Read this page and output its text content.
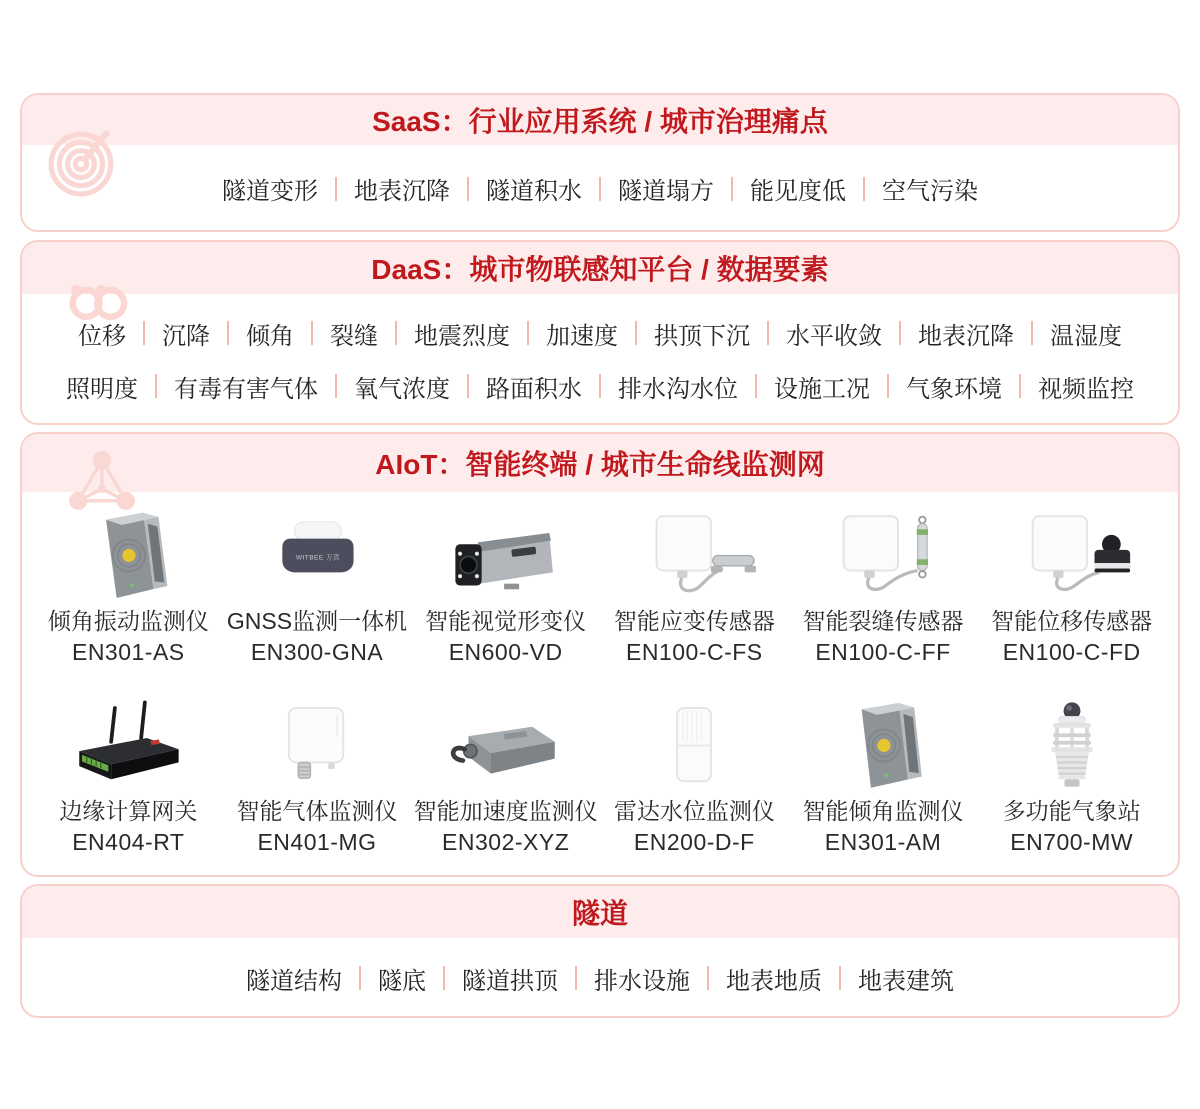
SaaS：行业应用系统 / 城市治理痛点
隧道变形 地表沉降 隧道积水 隧道塌方 能见度低 空气污染
DaaS：城市物联感知平台 / 数据要素
位移 沉降 倾角 裂缝 地震烈度 加速度 拱顶下沉 水平收敛 地表沉降 温湿度
照明度 有毒有害气体 氧气浓度 路面积水 排水沟水位 设施工况 气象环境 视频监控
AIoT：智能终端 / 城市生命线监测网
倾角振动监测仪
EN301-AS
WITBEE 万宾
GNSS监测一体机
EN300-GNA
智能视觉形变仪
EN600-VD
智能应变传感器
EN100-C-FS
智能裂缝传感器
EN100-C-FF
智能位移传感器
EN100-C-FD
边缘计算网关
EN404-RT
智能气体监测仪
EN401-MG
智能加速度监测仪
EN302-XYZ
雷达水位监测仪
EN200-D-F
智能倾角监测仪
EN301-AM
多功能气象站
EN700-MW
隧道
隧道结构 隧底 隧道拱顶 排水设施 地表地质 地表建筑
